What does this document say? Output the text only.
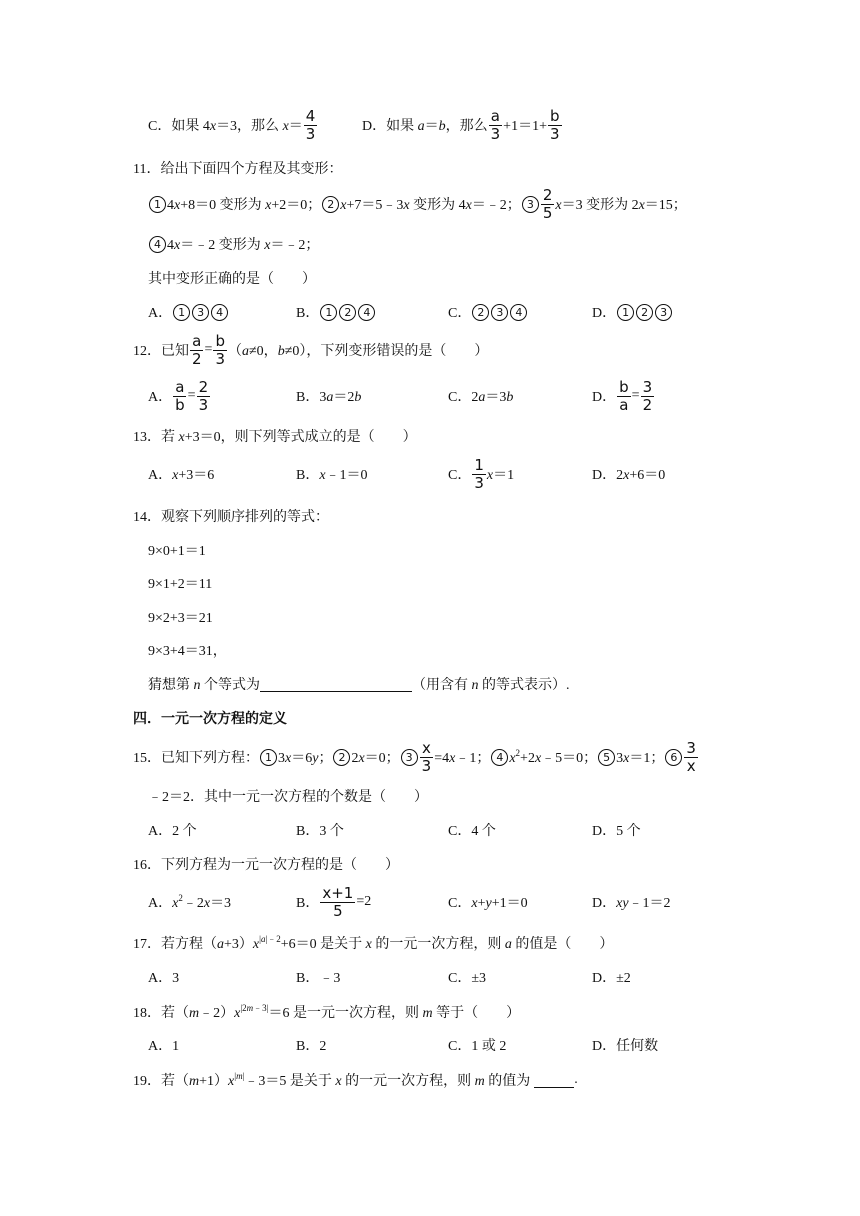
C．如果 4x＝3，那么 $x= \frac{4}{3}$	D．如果 a＝b，那么 $\frac{a}{3} +1=1+ \frac{b}{3}$
11．给出下面四个方程及其变形：
1 4x+8＝0 变形为 x+2＝0； 2 x+7＝5﹣3x 变形为 4x＝﹣2； $3 \frac{2}{5} x=3$ 变形为 2x＝15；
4 4x＝﹣2 变形为 x＝﹣2；
其中变形正确的是（　　）
A． 1	3	4	B． 1	2	4	C． 2	3	4	D． 1	2	3
12．已知 $\frac{a}{2} = \frac{b}{3} (a\ne 0$，b≠0），下列变形错误的是（　　）
A． $\frac{a}{b} = \frac{2}{3}$	B．3a＝2b	C．2a＝3b	D． $\frac{b}{a} = \frac{3}{2}$
13．若 x+3＝0，则下列等式成立的是（　　）
A．x+3＝6	B．x﹣1＝0	C． $\frac{1}{3} x=1$	D．2x+6＝0
14．观察下列顺序排列的等式：
9×0+1＝1
9×1+2＝11
9×2+3＝21
9×3+4＝31，
猜想第 n 个等式为	（用含有 n 的等式表示）.
四．一元一次方程的定义
15．已知下列方程： 1 3x＝6y； 2 2x＝0； $3 \frac{x}{3}$ =4x﹣1； 4 $x^2+2x﹣5=0$； 5 3x＝1； $6 \frac{3}{x}$
﹣2＝2．其中一元一次方程的个数是（　　）
A．2 个	B．3 个	C．4 个	D．5 个
16．下列方程为一元一次方程的是（　　）
A．$x^2﹣2x=3$	B． $\frac{x+1}{5} =2$	C．x+y+1＝0	D．xy﹣1＝2
17．若方程$(a+3)x^{|a|﹣2}+6=0$ 是关于 x 的一元一次方程，则 a 的值是（　　）
A．3	B．﹣3	C．±3	D．±2
18．若$(m﹣2)x^{|2m﹣3|}=6$ 是一元一次方程，则 m 等于（　　）
A．1	B．2	C．1 或 2	D．任何数
19．若$(m+1)x^{|m|}﹣3=5$ 是关于 x 的一元一次方程，则 m 的值为	.
